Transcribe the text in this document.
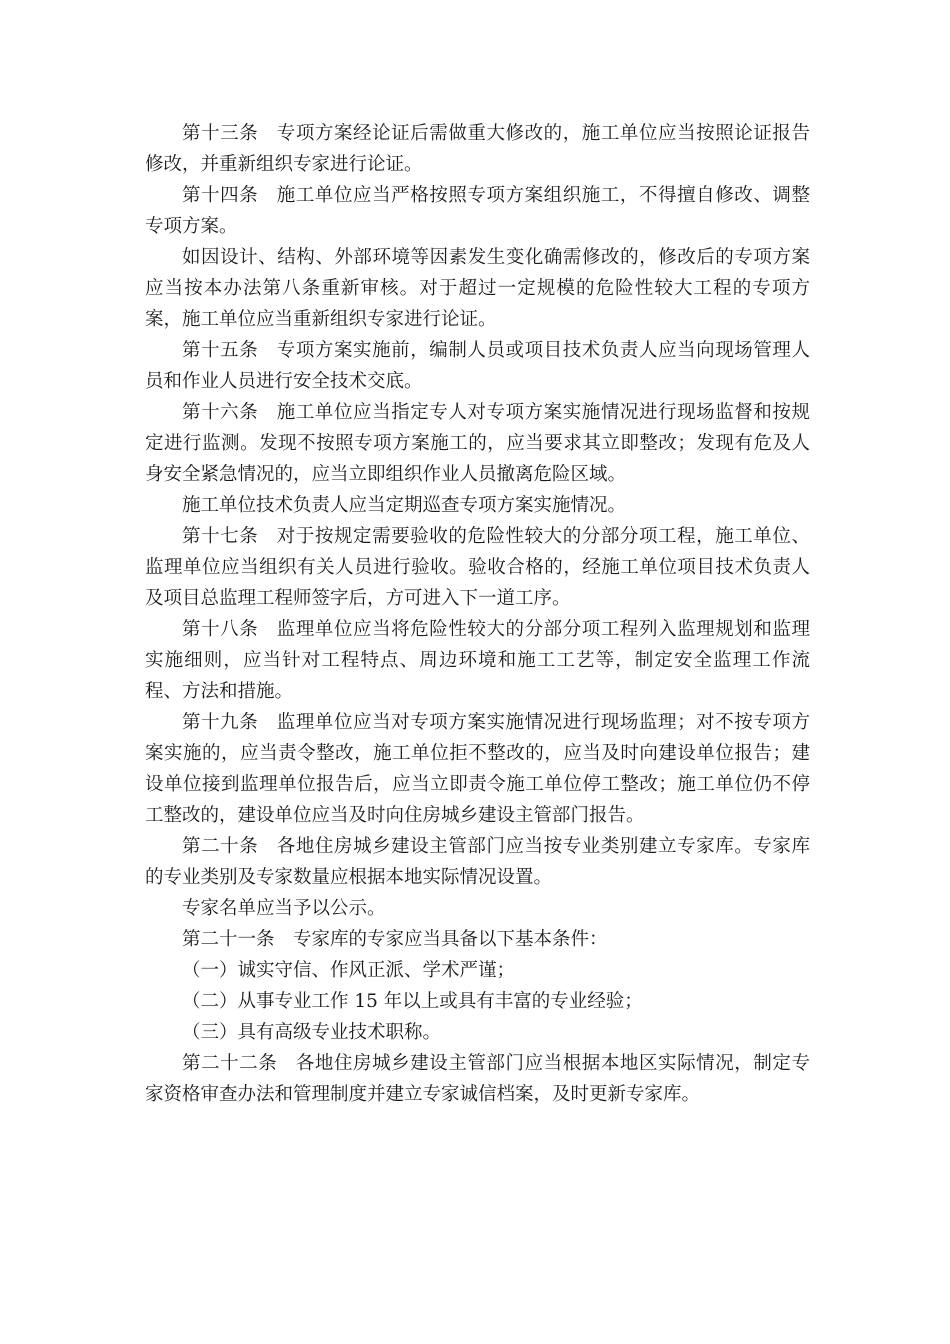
第十三条 专项方案经论证后需做重大修改的，施工单位应当按照论证报告修改，并重新组织专家进行论证。

第十四条 施工单位应当严格按照专项方案组织施工，不得擅自修改、调整专项方案。

如因设计、结构、外部环境等因素发生变化确需修改的，修改后的专项方案应当按本办法第八条重新审核。对于超过一定规模的危险性较大工程的专项方案，施工单位应当重新组织专家进行论证。

第十五条 专项方案实施前，编制人员或项目技术负责人应当向现场管理人员和作业人员进行安全技术交底。

第十六条 施工单位应当指定专人对专项方案实施情况进行现场监督和按规定进行监测。发现不按照专项方案施工的，应当要求其立即整改；发现有危及人身安全紧急情况的，应当立即组织作业人员撤离危险区域。

施工单位技术负责人应当定期巡查专项方案实施情况。

第十七条 对于按规定需要验收的危险性较大的分部分项工程，施工单位、监理单位应当组织有关人员进行验收。验收合格的，经施工单位项目技术负责人及项目总监理工程师签字后，方可进入下一道工序。

第十八条 监理单位应当将危险性较大的分部分项工程列入监理规划和监理实施细则，应当针对工程特点、周边环境和施工工艺等，制定安全监理工作流程、方法和措施。

第十九条 监理单位应当对专项方案实施情况进行现场监理；对不按专项方案实施的，应当责令整改，施工单位拒不整改的，应当及时向建设单位报告；建设单位接到监理单位报告后，应当立即责令施工单位停工整改；施工单位仍不停工整改的，建设单位应当及时向住房城乡建设主管部门报告。

第二十条 各地住房城乡建设主管部门应当按专业类别建立专家库。专家库的专业类别及专家数量应根据本地实际情况设置。

专家名单应当予以公示。

第二十一条 专家库的专家应当具备以下基本条件：

（一）诚实守信、作风正派、学术严谨；

（二）从事专业工作 15 年以上或具有丰富的专业经验；

（三）具有高级专业技术职称。

第二十二条 各地住房城乡建设主管部门应当根据本地区实际情况，制定专家资格审查办法和管理制度并建立专家诚信档案，及时更新专家库。
